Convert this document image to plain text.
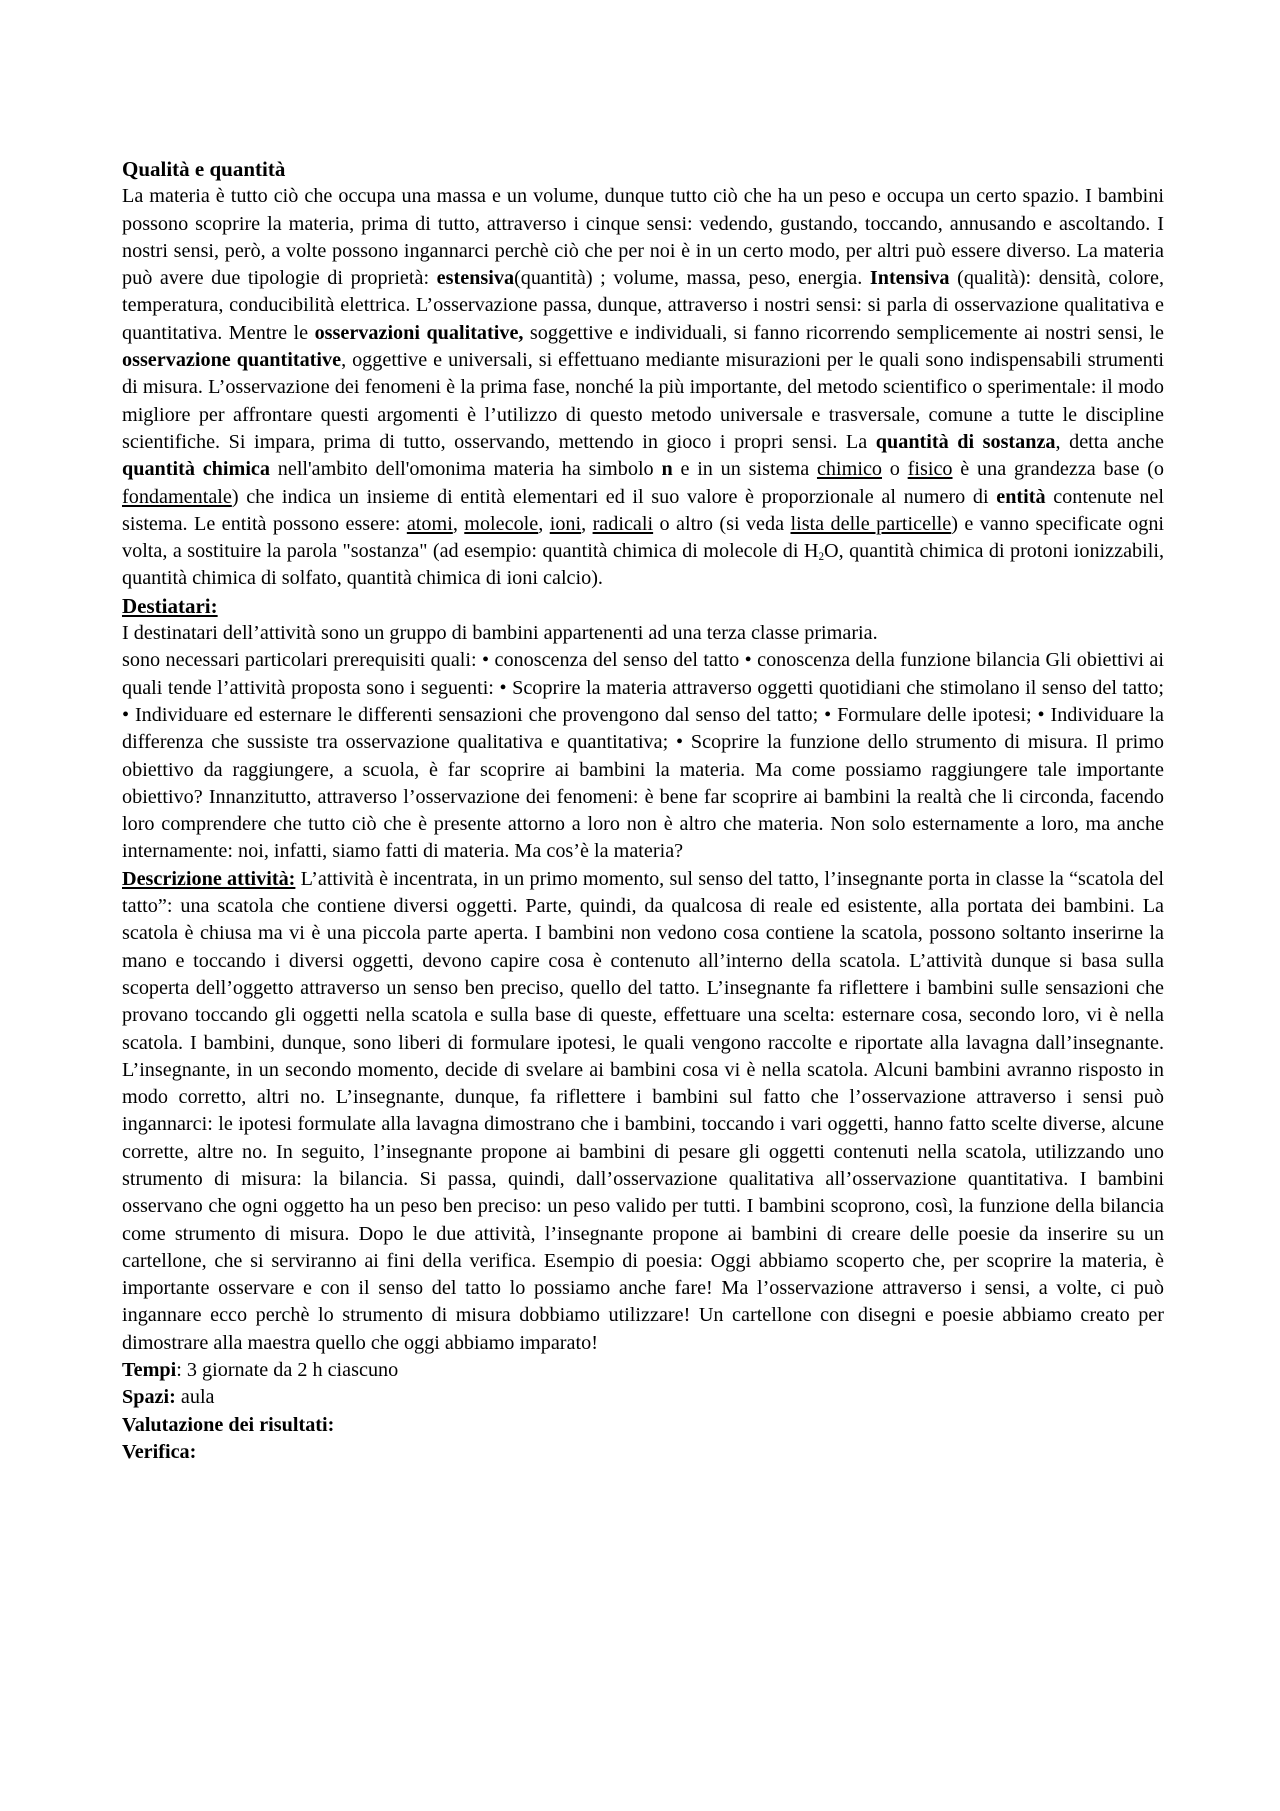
Qualità e quantità

La materia è tutto ciò che occupa una massa e un volume, dunque tutto ciò che ha un peso e occupa un certo spazio. I bambini possono scoprire la materia, prima di tutto, attraverso i cinque sensi: vedendo, gustando, toccando, annusando e ascoltando. I nostri sensi, però, a volte possono ingannarci perchè ciò che per noi è in un certo modo, per altri può essere diverso. La materia può avere due tipologie di proprietà: estensiva(quantità) ; volume, massa, peso, energia. Intensiva (qualità): densità, colore, temperatura, conducibilità elettrica. L’osservazione passa, dunque, attraverso i nostri sensi: si parla di osservazione qualitativa e quantitativa. Mentre le osservazioni qualitative, soggettive e individuali, si fanno ricorrendo semplicemente ai nostri sensi, le osservazione quantitative, oggettive e universali, si effettuano mediante misurazioni per le quali sono indispensabili strumenti di misura. L’osservazione dei fenomeni è la prima fase, nonché la più importante, del metodo scientifico o sperimentale: il modo migliore per affrontare questi argomenti è l’utilizzo di questo metodo universale e trasversale, comune a tutte le discipline scientifiche. Si impara, prima di tutto, osservando, mettendo in gioco i propri sensi. La quantità di sostanza, detta anche quantità chimica nell'ambito dell'omonima materia ha simbolo n e in un sistema chimico o fisico è una grandezza base (o fondamentale) che indica un insieme di entità elementari ed il suo valore è proporzionale al numero di entità contenute nel sistema. Le entità possono essere: atomi, molecole, ioni, radicali o altro (si veda lista delle particelle) e vanno specificate ogni volta, a sostituire la parola "sostanza" (ad esempio: quantità chimica di molecole di $H_2O$, quantità chimica di protoni ionizzabili, quantità chimica di solfato, quantità chimica di ioni calcio).

Destiatari:

I destinatari dell’attività sono un gruppo di bambini appartenenti ad una terza classe primaria.

sono necessari particolari prerequisiti quali: • conoscenza del senso del tatto • conoscenza della funzione bilancia Gli obiettivi ai quali tende l’attività proposta sono i seguenti: • Scoprire la materia attraverso oggetti quotidiani che stimolano il senso del tatto; • Individuare ed esternare le differenti sensazioni che provengono dal senso del tatto; • Formulare delle ipotesi; • Individuare la differenza che sussiste tra osservazione qualitativa e quantitativa; • Scoprire la funzione dello strumento di misura. Il primo obiettivo da raggiungere, a scuola, è far scoprire ai bambini la materia. Ma come possiamo raggiungere tale importante obiettivo? Innanzitutto, attraverso l’osservazione dei fenomeni: è bene far scoprire ai bambini la realtà che li circonda, facendo loro comprendere che tutto ciò che è presente attorno a loro non è altro che materia. Non solo esternamente a loro, ma anche internamente: noi, infatti, siamo fatti di materia. Ma cos’è la materia?

Descrizione attività: L’attività è incentrata, in un primo momento, sul senso del tatto, l’insegnante porta in classe la “scatola del tatto”: una scatola che contiene diversi oggetti. Parte, quindi, da qualcosa di reale ed esistente, alla portata dei bambini. La scatola è chiusa ma vi è una piccola parte aperta. I bambini non vedono cosa contiene la scatola, possono soltanto inserirne la mano e toccando i diversi oggetti, devono capire cosa è contenuto all’interno della scatola. L’attività dunque si basa sulla scoperta dell’oggetto attraverso un senso ben preciso, quello del tatto. L’insegnante fa riflettere i bambini sulle sensazioni che provano toccando gli oggetti nella scatola e sulla base di queste, effettuare una scelta: esternare cosa, secondo loro, vi è nella scatola. I bambini, dunque, sono liberi di formulare ipotesi, le quali vengono raccolte e riportate alla lavagna dall’insegnante. L’insegnante, in un secondo momento, decide di svelare ai bambini cosa vi è nella scatola. Alcuni bambini avranno risposto in modo corretto, altri no. L’insegnante, dunque, fa riflettere i bambini sul fatto che l’osservazione attraverso i sensi può ingannarci: le ipotesi formulate alla lavagna dimostrano che i bambini, toccando i vari oggetti, hanno fatto scelte diverse, alcune corrette, altre no. In seguito, l’insegnante propone ai bambini di pesare gli oggetti contenuti nella scatola, utilizzando uno strumento di misura: la bilancia. Si passa, quindi, dall’osservazione qualitativa all’osservazione quantitativa. I bambini osservano che ogni oggetto ha un peso ben preciso: un peso valido per tutti. I bambini scoprono, così, la funzione della bilancia come strumento di misura. Dopo le due attività, l’insegnante propone ai bambini di creare delle poesie da inserire su un cartellone, che si serviranno ai fini della verifica. Esempio di poesia: Oggi abbiamo scoperto che, per scoprire la materia, è importante osservare e con il senso del tatto lo possiamo anche fare! Ma l’osservazione attraverso i sensi, a volte, ci può ingannare ecco perchè lo strumento di misura dobbiamo utilizzare! Un cartellone con disegni e poesie abbiamo creato per dimostrare alla maestra quello che oggi abbiamo imparato!

Tempi: 3 giornate da 2 h ciascuno

Spazi: aula

Valutazione dei risultati:

Verifica:
